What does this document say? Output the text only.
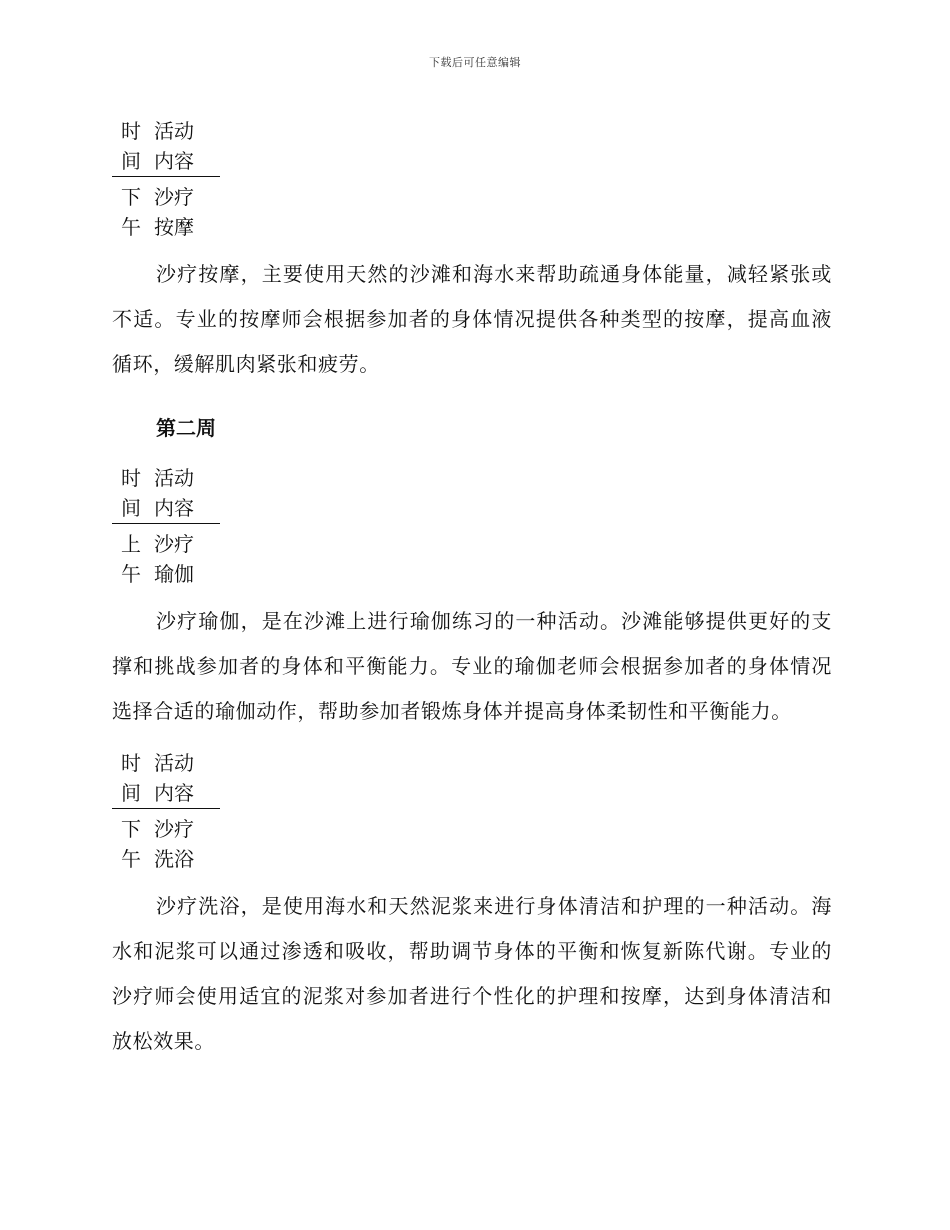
下载后可任意编辑
时
间
活动
内容
下
午
沙疗
按摩

沙疗按摩，主要使用天然的沙滩和海水来帮助疏通身体能量，减轻紧张或不适。专业的按摩师会根据参加者的身体情况提供各种类型的按摩，提高血液循环，缓解肌肉紧张和疲劳。

第二周

时
间
活动
内容
上
午
沙疗
瑜伽

沙疗瑜伽，是在沙滩上进行瑜伽练习的一种活动。沙滩能够提供更好的支撑和挑战参加者的身体和平衡能力。专业的瑜伽老师会根据参加者的身体情况选择合适的瑜伽动作，帮助参加者锻炼身体并提高身体柔韧性和平衡能力。

时
间
活动
内容
下
午
沙疗
洗浴

沙疗洗浴，是使用海水和天然泥浆来进行身体清洁和护理的一种活动。海水和泥浆可以通过渗透和吸收，帮助调节身体的平衡和恢复新陈代谢。专业的沙疗师会使用适宜的泥浆对参加者进行个性化的护理和按摩，达到身体清洁和放松效果。
